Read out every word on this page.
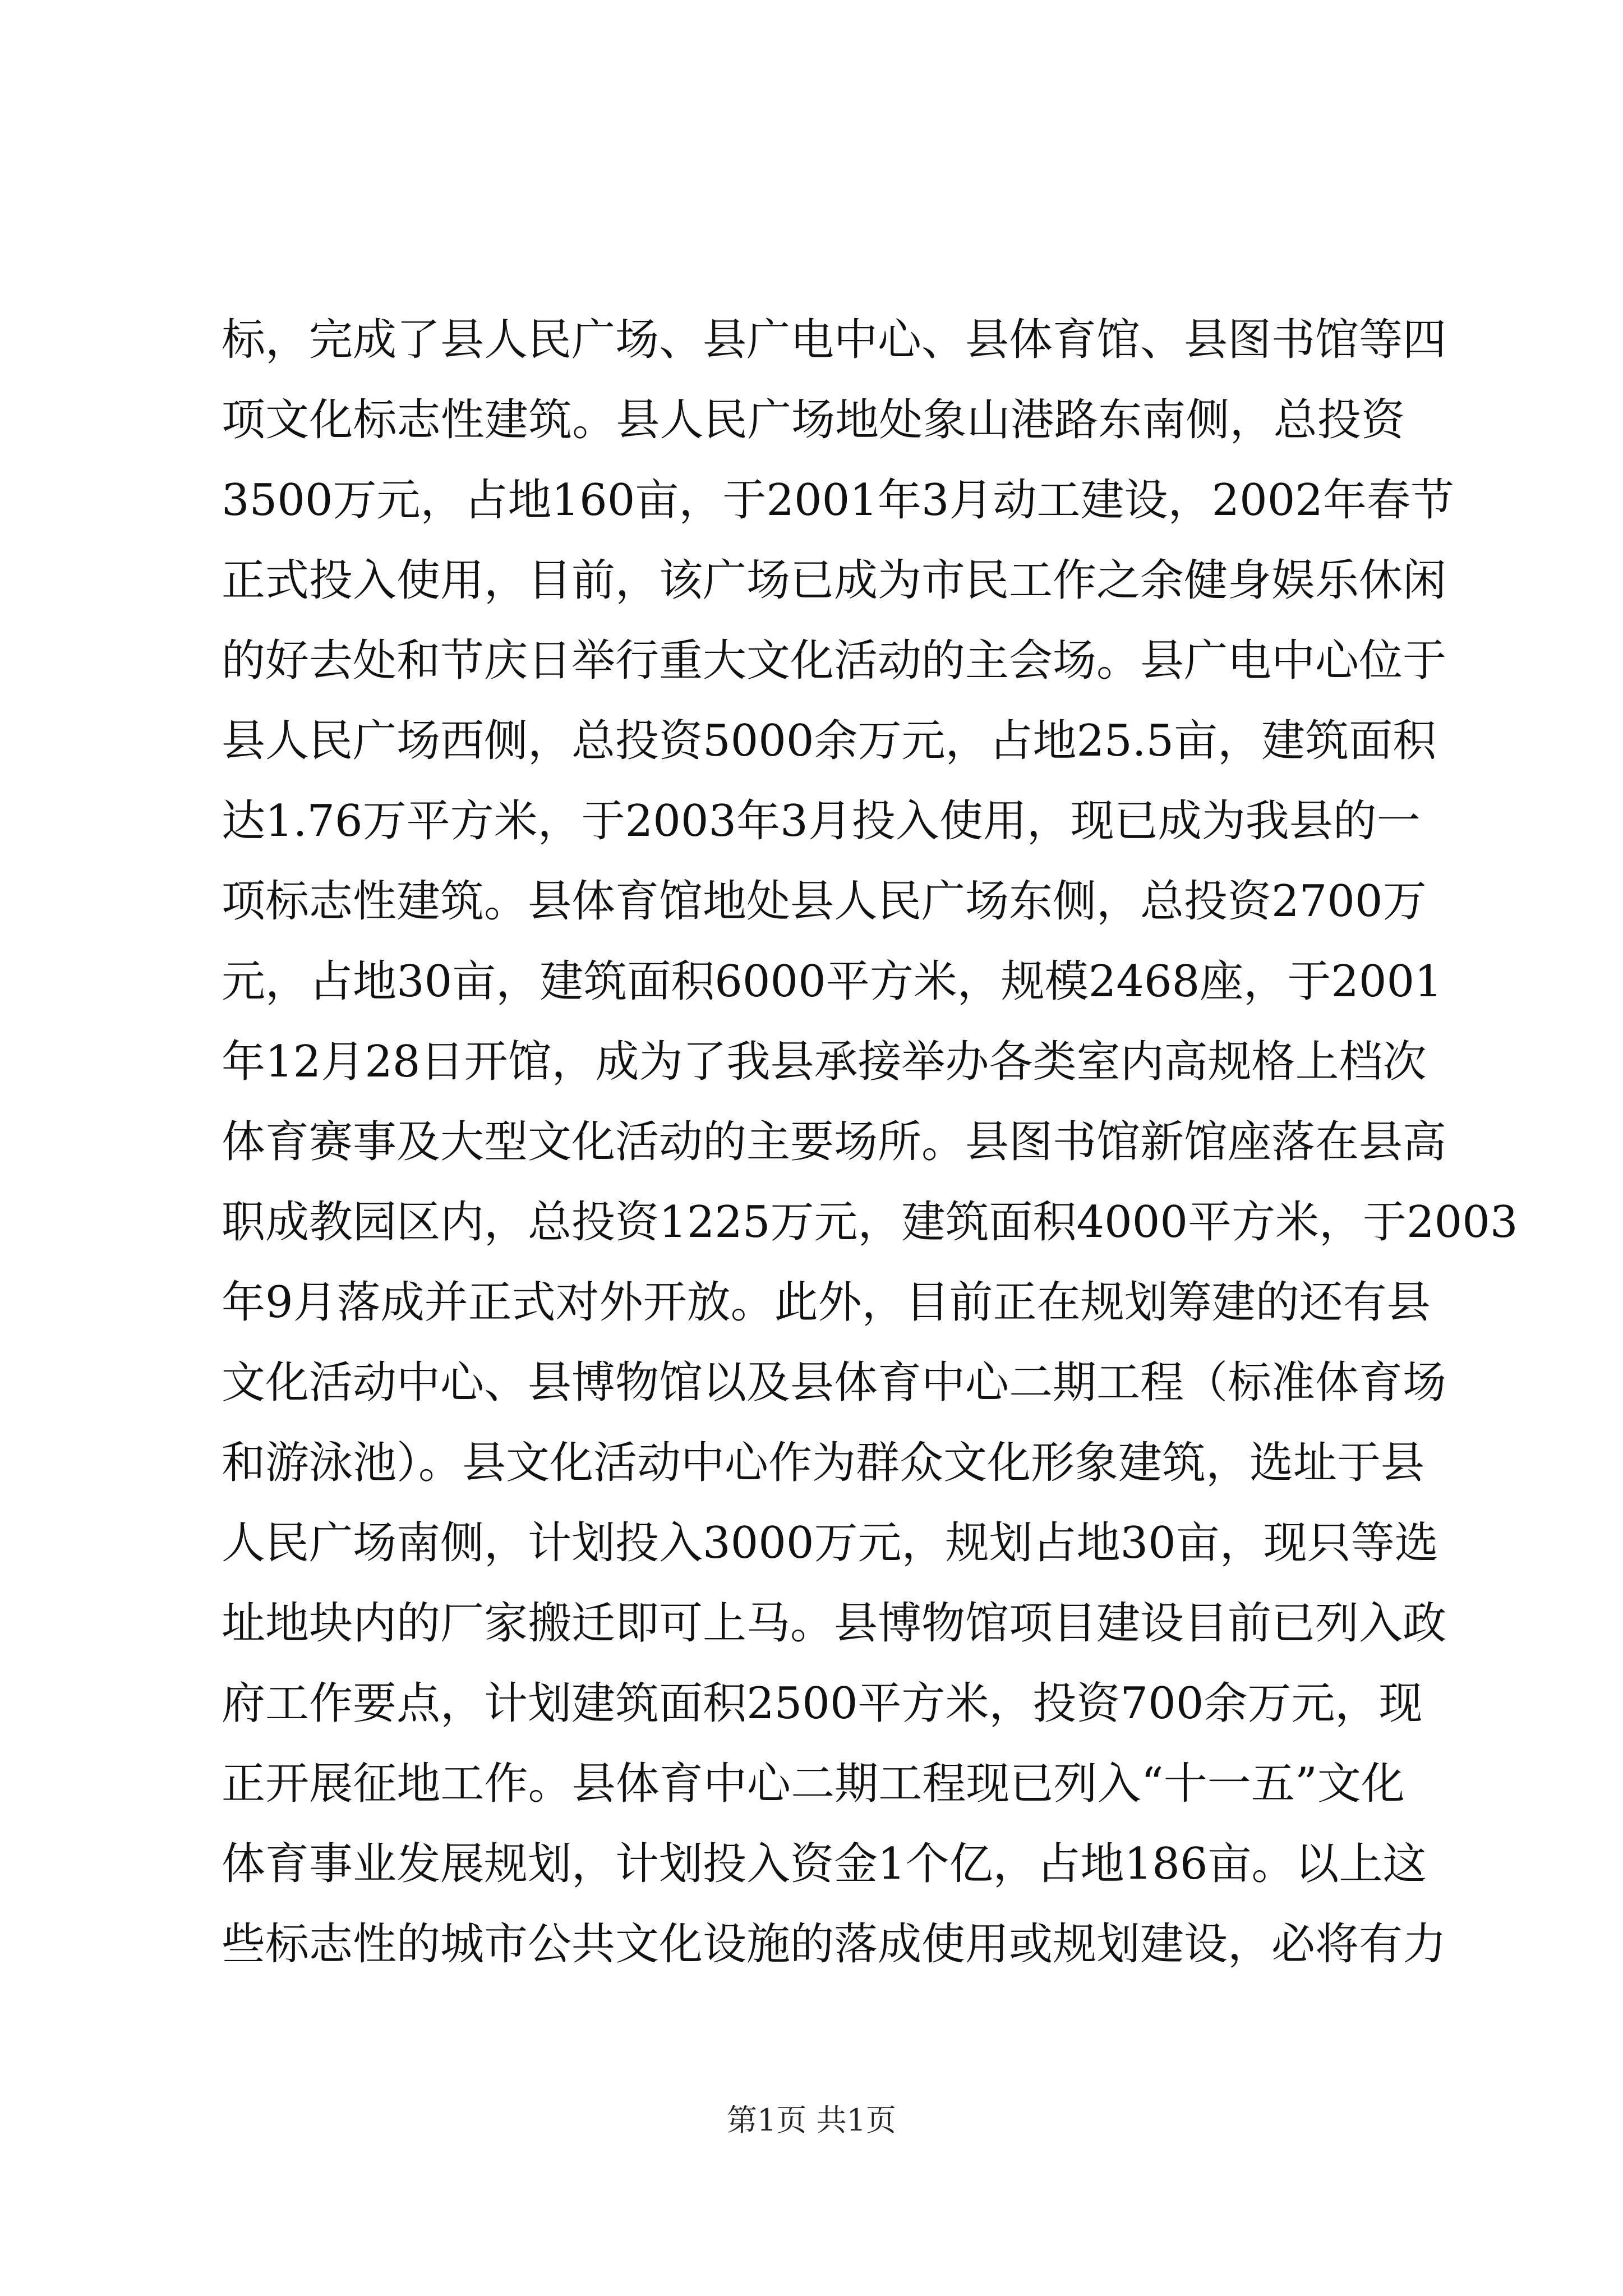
标，完成了县人民广场、县广电中心、县体育馆、县图书馆等四
项文化标志性建筑。县人民广场地处象山港路东南侧，总投资
3500万元，占地160亩，于2001年3月动工建设，2002年春节
正式投入使用，目前，该广场已成为市民工作之余健身娱乐休闲
的好去处和节庆日举行重大文化活动的主会场。县广电中心位于
县人民广场西侧，总投资5000余万元，占地25.5亩，建筑面积
达1.76万平方米，于2003年3月投入使用，现已成为我县的一
项标志性建筑。县体育馆地处县人民广场东侧，总投资2700万
元，占地30亩，建筑面积6000平方米，规模2468座，于2001
年12月28日开馆，成为了我县承接举办各类室内高规格上档次
体育赛事及大型文化活动的主要场所。县图书馆新馆座落在县高
职成教园区内，总投资1225万元，建筑面积4000平方米，于2003
年9月落成并正式对外开放。此外，目前正在规划筹建的还有县
文化活动中心、县博物馆以及县体育中心二期工程（标准体育场
和游泳池）。县文化活动中心作为群众文化形象建筑，选址于县
人民广场南侧，计划投入3000万元，规划占地30亩，现只等选
址地块内的厂家搬迁即可上马。县博物馆项目建设目前已列入政
府工作要点，计划建筑面积2500平方米，投资700余万元，现
正开展征地工作。县体育中心二期工程现已列入“十一五”文化
体育事业发展规划，计划投入资金1个亿，占地186亩。以上这
些标志性的城市公共文化设施的落成使用或规划建设，必将有力
第1页 共1页
